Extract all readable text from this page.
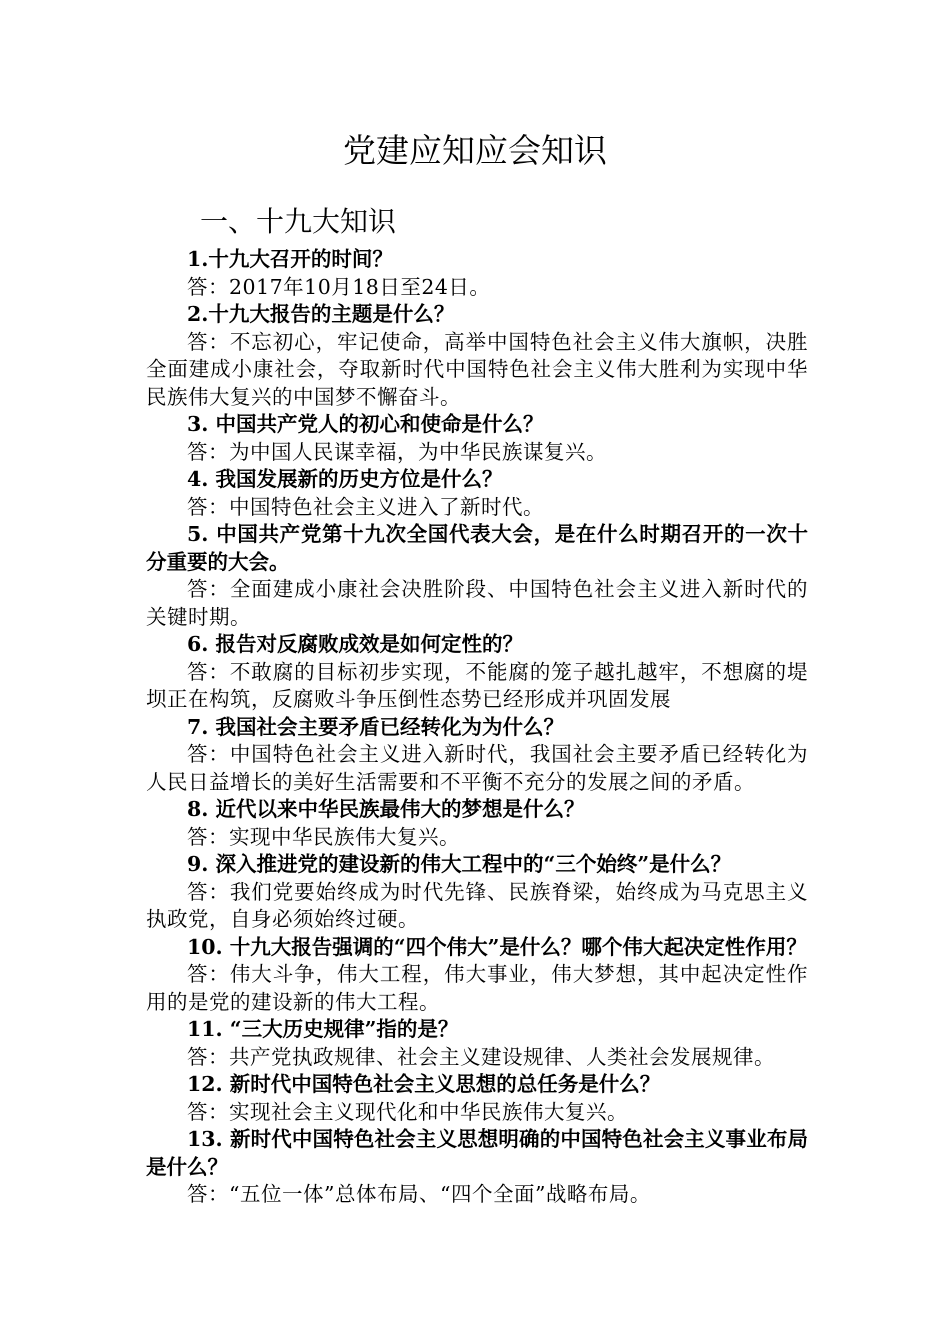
党建应知应会知识
一、十九大知识

1.十九大召开的时间？

答：2017年10月18日至24日。

2.十九大报告的主题是什么？

答：不忘初心，牢记使命，高举中国特色社会主义伟大旗帜，决胜全面建成小康社会，夺取新时代中国特色社会主义伟大胜利为实现中华民族伟大复兴的中国梦不懈奋斗。

3. 中国共产党人的初心和使命是什么？

答：为中国人民谋幸福，为中华民族谋复兴。

4. 我国发展新的历史方位是什么？

答：中国特色社会主义进入了新时代。

5. 中国共产党第十九次全国代表大会，是在什么时期召开的一次十分重要的大会。

答：全面建成小康社会决胜阶段、中国特色社会主义进入新时代的关键时期。

6. 报告对反腐败成效是如何定性的？

答：不敢腐的目标初步实现，不能腐的笼子越扎越牢，不想腐的堤坝正在构筑，反腐败斗争压倒性态势已经形成并巩固发展

7. 我国社会主要矛盾已经转化为为什么？

答：中国特色社会主义进入新时代，我国社会主要矛盾已经转化为人民日益增长的美好生活需要和不平衡不充分的发展之间的矛盾。

8. 近代以来中华民族最伟大的梦想是什么？

答：实现中华民族伟大复兴。

9. 深入推进党的建设新的伟大工程中的“三个始终”是什么？

答：我们党要始终成为时代先锋、民族脊梁，始终成为马克思主义执政党，自身必须始终过硬。

10. 十九大报告强调的“四个伟大”是什么？哪个伟大起决定性作用？

答：伟大斗争，伟大工程，伟大事业，伟大梦想，其中起决定性作用的是党的建设新的伟大工程。

11. “三大历史规律”指的是？

答：共产党执政规律、社会主义建设规律、人类社会发展规律。

12. 新时代中国特色社会主义思想的总任务是什么？

答：实现社会主义现代化和中华民族伟大复兴。

13. 新时代中国特色社会主义思想明确的中国特色社会主义事业布局是什么？

答：“五位一体”总体布局、“四个全面”战略布局。
